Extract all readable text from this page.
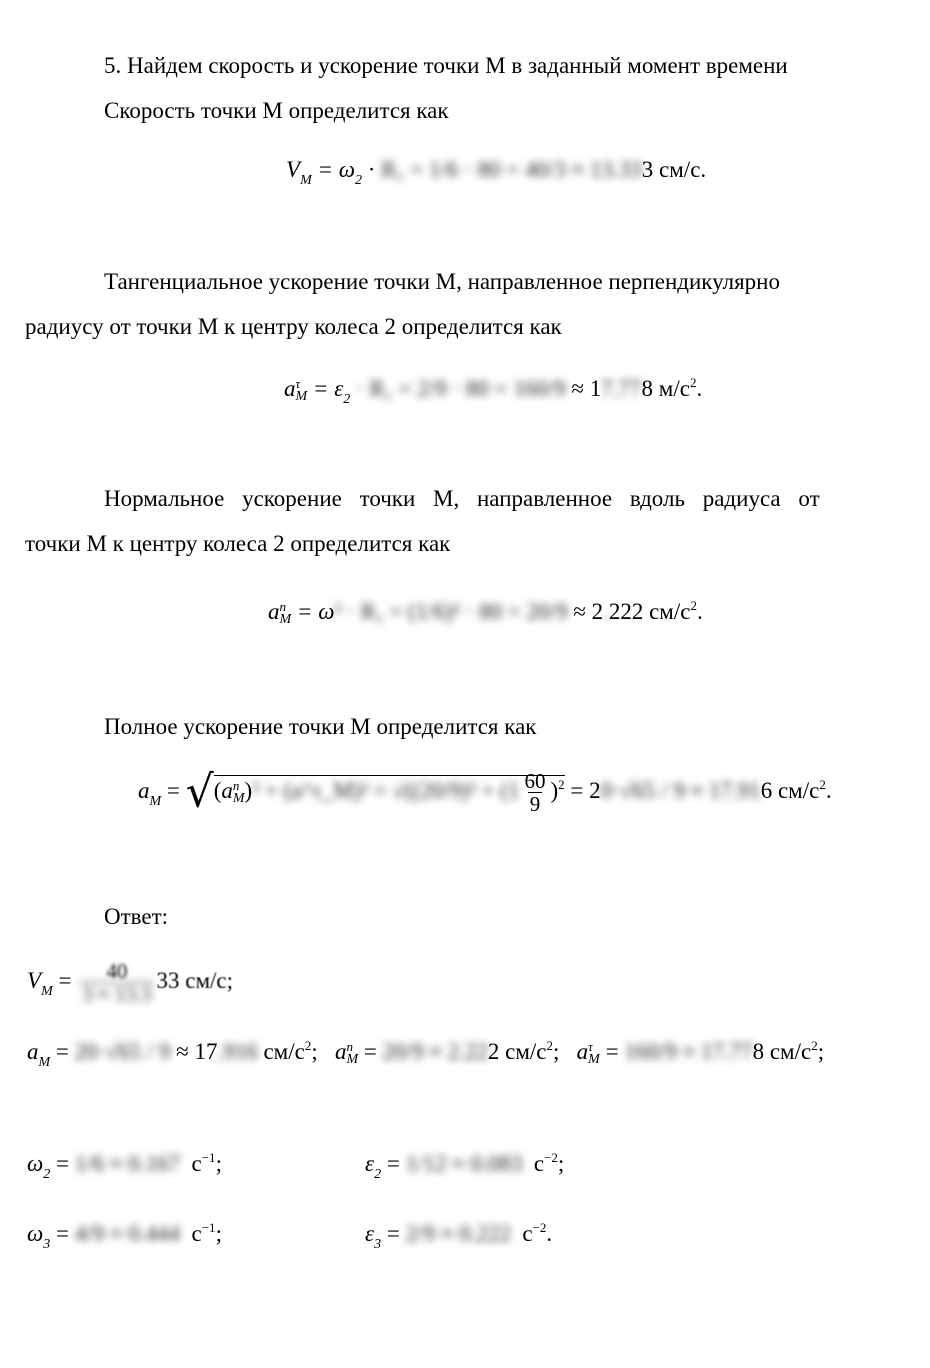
5. Найдем скорость и ускорение точки М в заданный момент времени
Скорость точки М определится как
$V_M = \omega_2 \cdot R_1 = 1/6 \cdot 80 = 40/3 \approx 13.333$ см/с.
Тангенциальное ускорение точки М, направленное перпендикулярно
радиусу от точки М к центру колеса 2 определится как
a τ
$M = \varepsilon_2 \cdot R_1 = 2/9 \cdot 80 = 160/9 \approx 17.778$ $м/с^2$.
Нормальное ускорение точки М, направленное вдоль радиуса от
точки М к центру колеса 2 определится как
a n
M = ω² · R₁ = (1/6)² · 80 = 20/9 ≈ 2.222 $см/с^2$.
Полное ускорение точки М определится как
$a_M = √(a$ n
M )² + (a^τ_M)² = $√((20/9)^2 + (1 \frac{60}{9} )^2 = 20\cdot√65 / 9 \approx 17.916$ $см/с^2$.
Ответ:
$V_M = \frac{40}{3 \approx 13.3} 33$ см/с;
$a_M = 20\cdot√65 / 9 \approx 17.916$ $см/с^2$; a n
M = 20/9 ≈ 2.222 $см/с^2$; a τ
M = 160/9 ≈ 17.778 $см/с^2$;
$\omega_2 = 1/6 \approx 0.167$ $с^{-1}$;	$\varepsilon_2 = 1/12 \approx 0.083$ $с^{-2}$;
$\omega_3 = 4/9 \approx 0.444$ $с^{-1}$;	$\varepsilon_3 = 2/9 \approx 0.222$ $с^{-2}$.
